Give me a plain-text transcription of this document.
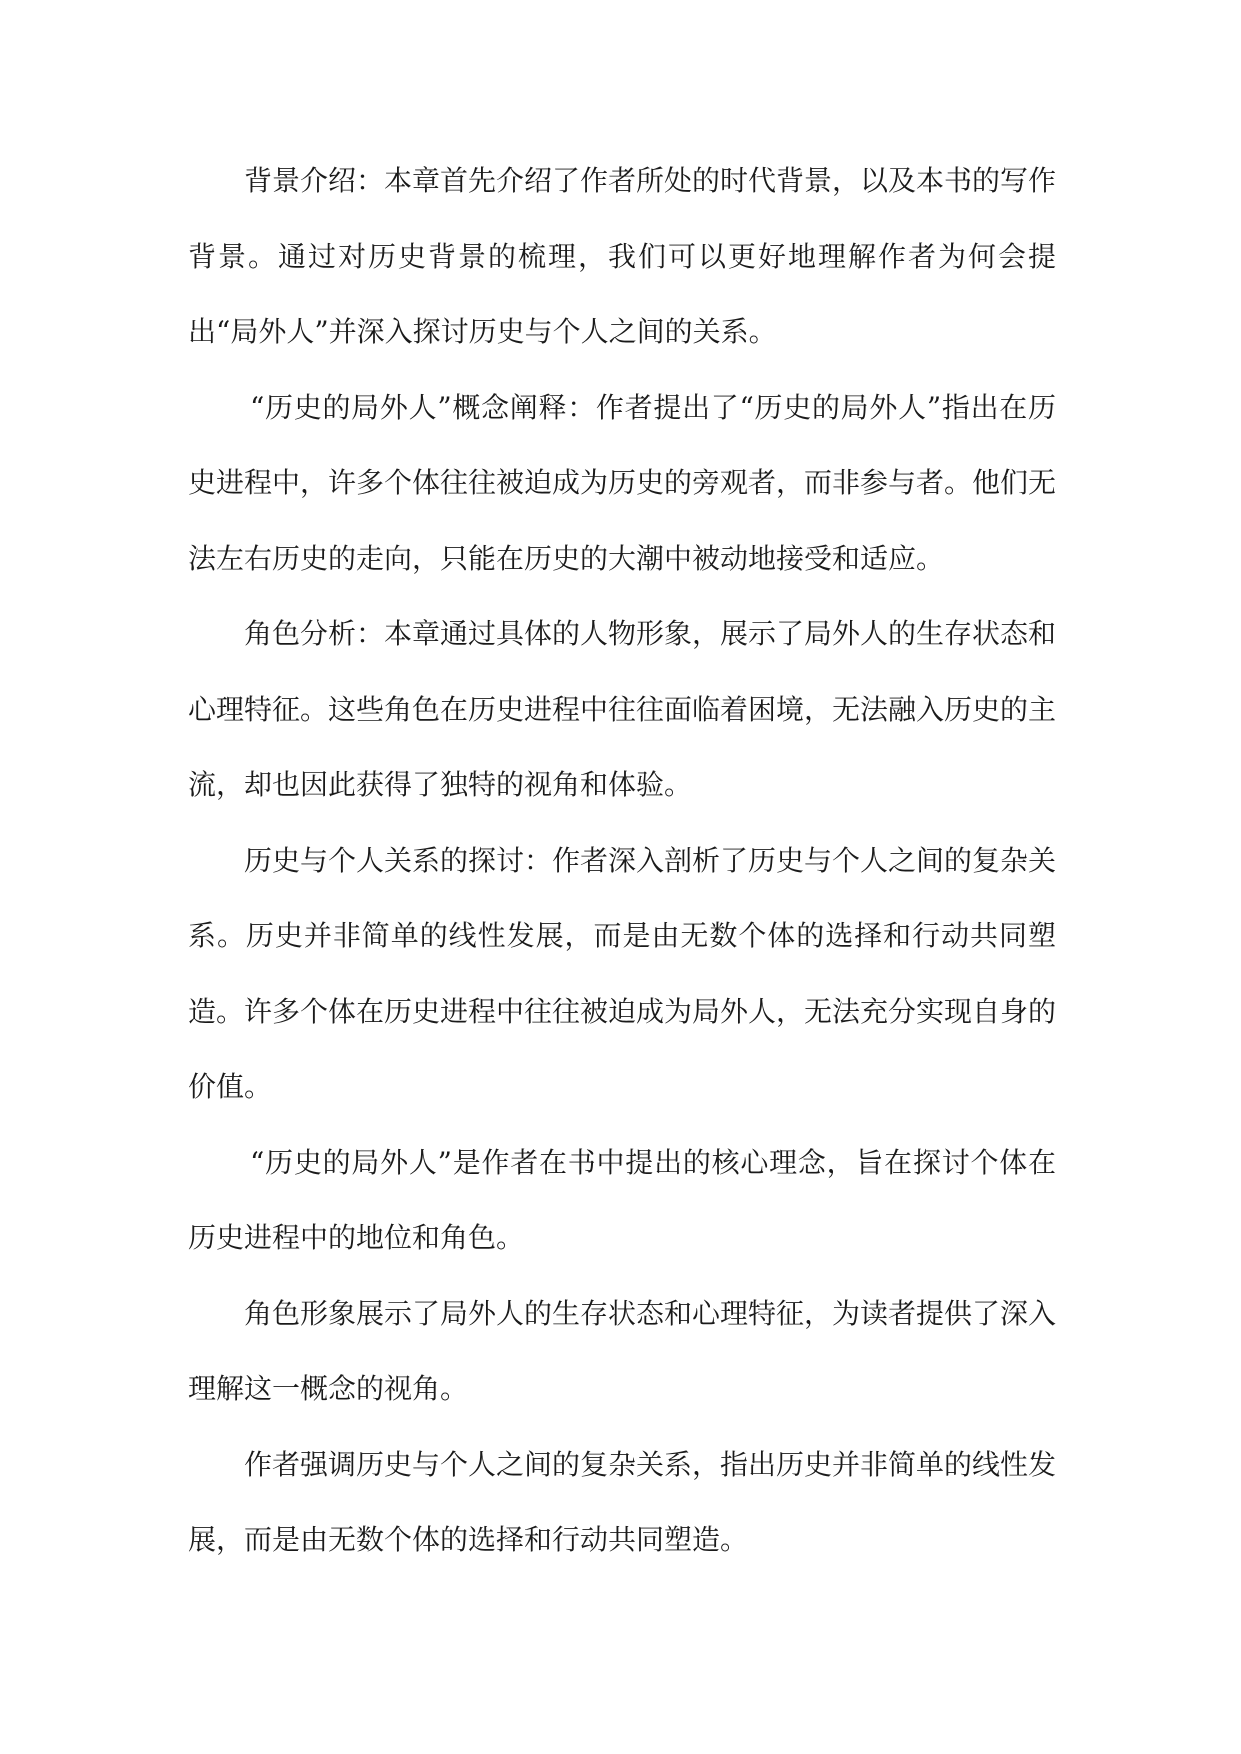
背景介绍：本章首先介绍了作者所处的时代背景，以及本书的写作背景。通过对历史背景的梳理，我们可以更好地理解作者为何会提出“局外人”并深入探讨历史与个人之间的关系。

“历史的局外人”概念阐释：作者提出了“历史的局外人”指出在历史进程中，许多个体往往被迫成为历史的旁观者，而非参与者。他们无法左右历史的走向，只能在历史的大潮中被动地接受和适应。

角色分析：本章通过具体的人物形象，展示了局外人的生存状态和心理特征。这些角色在历史进程中往往面临着困境，无法融入历史的主流，却也因此获得了独特的视角和体验。

历史与个人关系的探讨：作者深入剖析了历史与个人之间的复杂关系。历史并非简单的线性发展，而是由无数个体的选择和行动共同塑造。许多个体在历史进程中往往被迫成为局外人，无法充分实现自身的价值。

“历史的局外人”是作者在书中提出的核心理念，旨在探讨个体在历史进程中的地位和角色。

角色形象展示了局外人的生存状态和心理特征，为读者提供了深入理解这一概念的视角。

作者强调历史与个人之间的复杂关系，指出历史并非简单的线性发展，而是由无数个体的选择和行动共同塑造。
